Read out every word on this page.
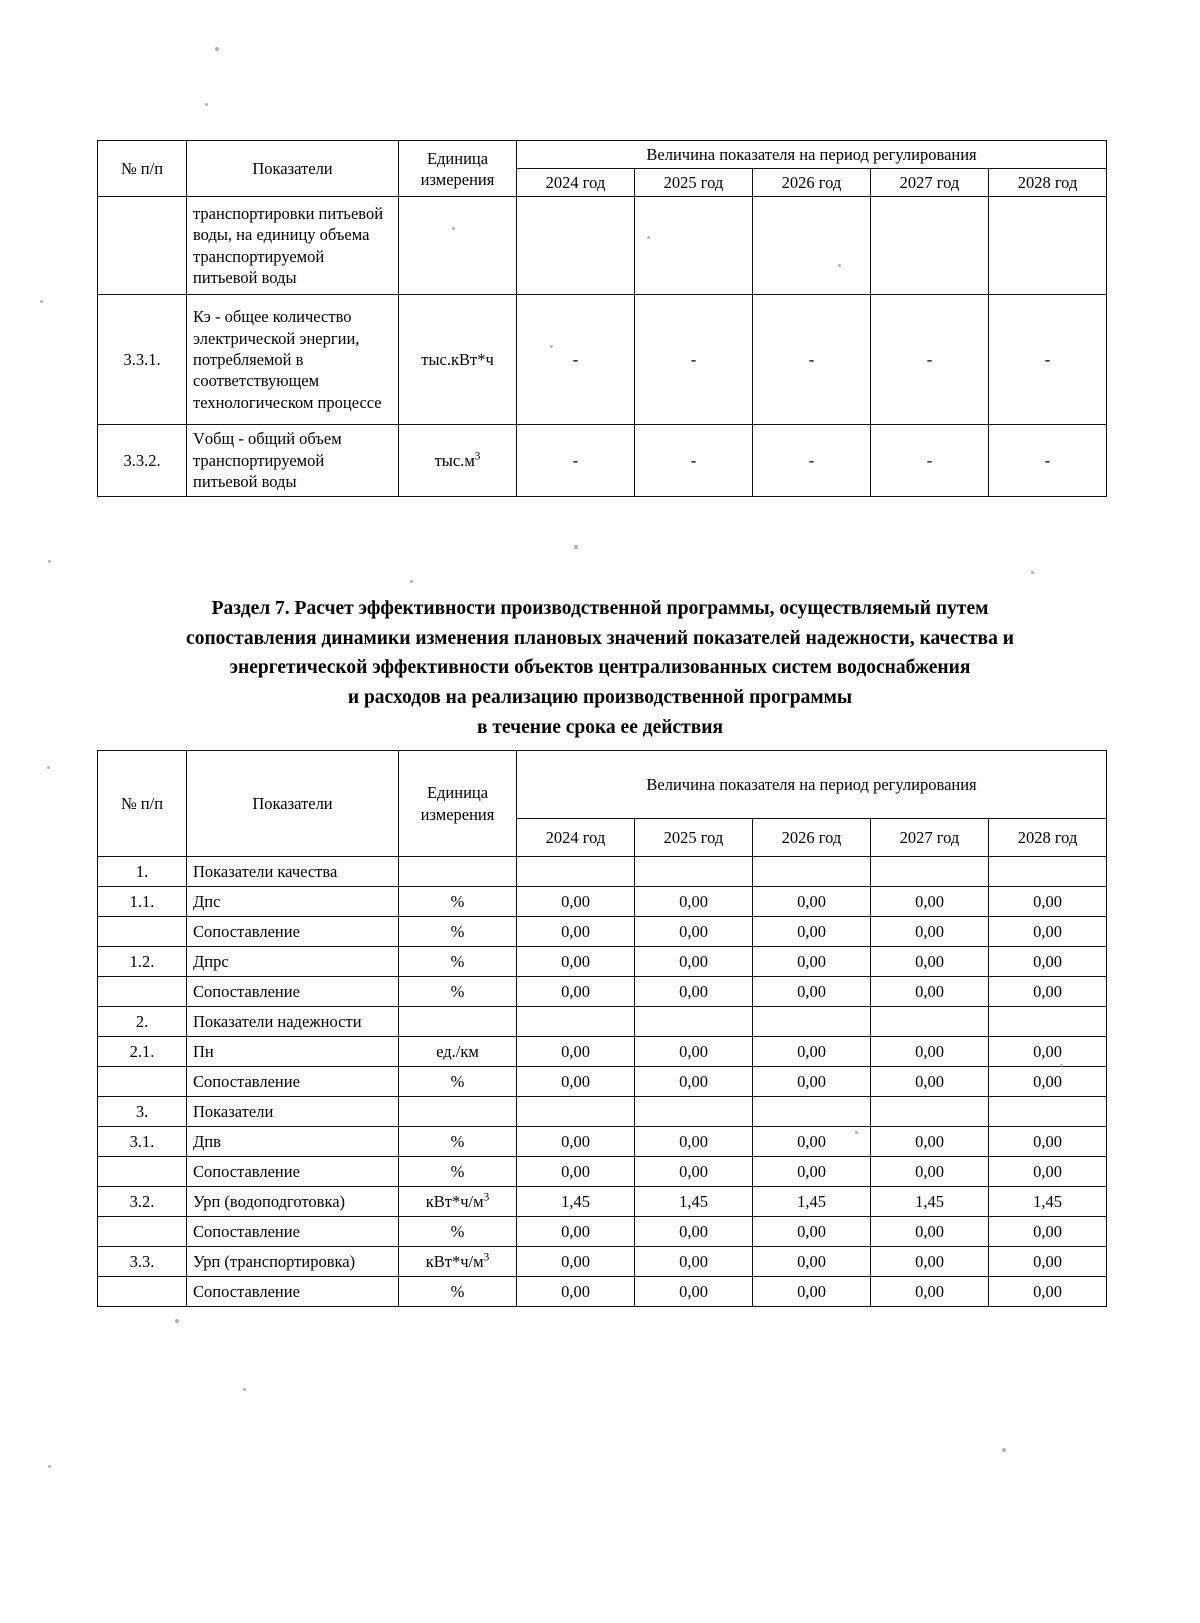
№ п/п	Показатели	Единица
измерения	Величина показателя на период регулирования				
			2024 год	2025 год	2026 год	2027 год	2028 год
	транспортировки питьевой воды, на единицу объема транспортируемой питьевой воды						
3.3.1.	Кэ - общее количество электрической энергии, потребляемой в соответствующем технологическом процессе	тыс.кВт*ч	-	-	-	-	-
3.3.2.	Vобщ - общий объем транспортируемой питьевой воды	$тыс.м^3$	-	-	-	-	-
Раздел 7. Расчет эффективности производственной программы, осуществляемый путем
сопоставления динамики изменения плановых значений показателей надежности, качества и
энергетической эффективности объектов централизованных систем водоснабжения
и расходов на реализацию производственной программы
в течение срока ее действия
№ п/п	Показатели	Единица
измерения	Величина показателя на период регулирования				
			2024 год	2025 год	2026 год	2027 год	2028 год
1.	Показатели качества						
1.1.	Дпс	%	0,00	0,00	0,00	0,00	0,00
	Сопоставление	%	0,00	0,00	0,00	0,00	0,00
1.2.	Дпрс	%	0,00	0,00	0,00	0,00	0,00
	Сопоставление	%	0,00	0,00	0,00	0,00	0,00
2.	Показатели надежности						
2.1.	Пн	ед./км	0,00	0,00	0,00	0,00	0,00
	Сопоставление	%	0,00	0,00	0,00	0,00	0,00
3.	Показатели						
3.1.	Дпв	%	0,00	0,00	0,00	0,00	0,00
	Сопоставление	%	0,00	0,00	0,00	0,00	0,00
3.2.	Урп (водоподготовка)	$кВт*ч/м^3$	1,45	1,45	1,45	1,45	1,45
	Сопоставление	%	0,00	0,00	0,00	0,00	0,00
3.3.	Урп (транспортировка)	$кВт*ч/м^3$	0,00	0,00	0,00	0,00	0,00
	Сопоставление	%	0,00	0,00	0,00	0,00	0,00
